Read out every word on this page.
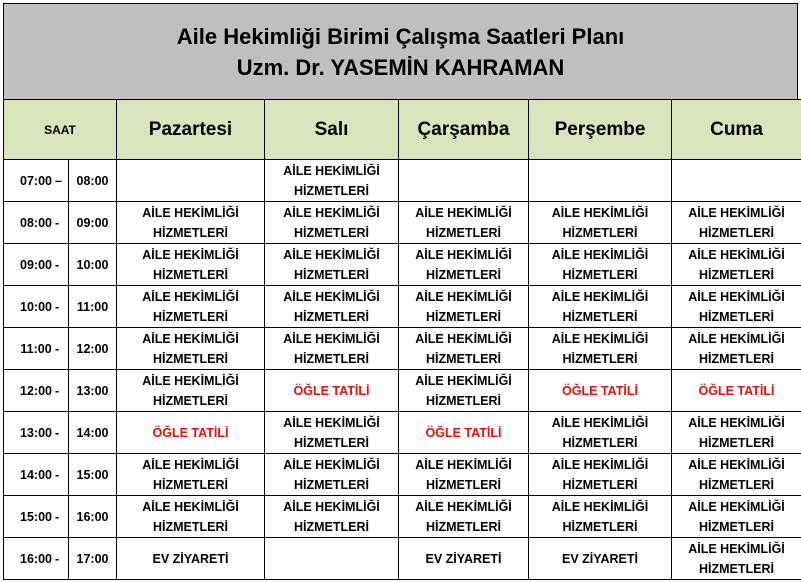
Aile Hekimliği Birimi Çalışma Saatleri Planı
Uzm. Dr. YASEMİN KAHRAMAN
SAAT		Pazartesi	Salı	Çarşamba	Perşembe	Cuma
07:00	– 08:00		AİLE HEKİMLİĞİ HİZMETLERİ			
08:00	- 09:00	AİLE HEKİMLİĞİ HİZMETLERİ	AİLE HEKİMLİĞİ HİZMETLERİ	AİLE HEKİMLİĞİ HİZMETLERİ	AİLE HEKİMLİĞİ HİZMETLERİ	AİLE HEKİMLİĞİ HİZMETLERİ
09:00	- 10:00	AİLE HEKİMLİĞİ HİZMETLERİ	AİLE HEKİMLİĞİ HİZMETLERİ	AİLE HEKİMLİĞİ HİZMETLERİ	AİLE HEKİMLİĞİ HİZMETLERİ	AİLE HEKİMLİĞİ HİZMETLERİ
10:00	- 11:00	AİLE HEKİMLİĞİ HİZMETLERİ	AİLE HEKİMLİĞİ HİZMETLERİ	AİLE HEKİMLİĞİ HİZMETLERİ	AİLE HEKİMLİĞİ HİZMETLERİ	AİLE HEKİMLİĞİ HİZMETLERİ
11:00	- 12:00	AİLE HEKİMLİĞİ HİZMETLERİ	AİLE HEKİMLİĞİ HİZMETLERİ	AİLE HEKİMLİĞİ HİZMETLERİ	AİLE HEKİMLİĞİ HİZMETLERİ	AİLE HEKİMLİĞİ HİZMETLERİ
12:00	- 13:00	AİLE HEKİMLİĞİ HİZMETLERİ	ÖĞLE TATİLİ	AİLE HEKİMLİĞİ HİZMETLERİ	ÖĞLE TATİLİ	ÖĞLE TATİLİ
13:00	- 14:00	ÖĞLE TATİLİ	AİLE HEKİMLİĞİ HİZMETLERİ	ÖĞLE TATİLİ	AİLE HEKİMLİĞİ HİZMETLERİ	AİLE HEKİMLİĞİ HİZMETLERİ
14:00	- 15:00	AİLE HEKİMLİĞİ HİZMETLERİ	AİLE HEKİMLİĞİ HİZMETLERİ	AİLE HEKİMLİĞİ HİZMETLERİ	AİLE HEKİMLİĞİ HİZMETLERİ	AİLE HEKİMLİĞİ HİZMETLERİ
15:00	- 16:00	AİLE HEKİMLİĞİ HİZMETLERİ	AİLE HEKİMLİĞİ HİZMETLERİ	AİLE HEKİMLİĞİ HİZMETLERİ	AİLE HEKİMLİĞİ HİZMETLERİ	AİLE HEKİMLİĞİ HİZMETLERİ
16:00	- 17:00	EV ZİYARETİ		EV ZİYARETİ	EV ZİYARETİ	AİLE HEKİMLİĞİ HİZMETLERİ
